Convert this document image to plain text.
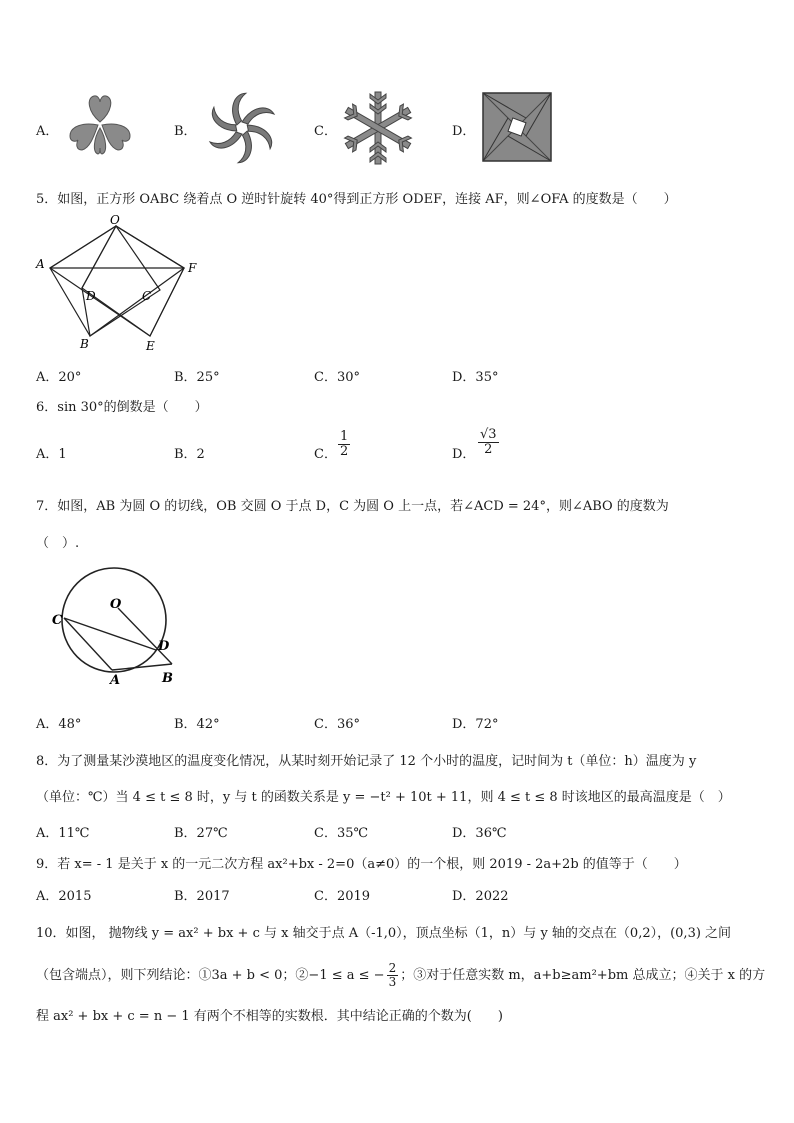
A．	B．	C．	D．
5．如图，正方形 OABC 绕着点 O 逆时针旋转 40°得到正方形 ODEF，连接 AF，则∠OFA 的度数是（　　）
O
A	F
D	C
B	E
A．20°	B．25°	C．30°	D．35°
6．sin 30°的倒数是（　　）
A．1	B．2	C． $\frac{1}{2}$	D． $\frac{√3}{2}$
7．如图，AB 为圆 O 的切线，OB 交圆 O 于点 D，C 为圆 O 上一点，若∠ACD = 24°，则∠ABO 的度数为
（　）.
O
C
D
A	B
A．48°	B．42°	C．36°	D．72°
8．为了测量某沙漠地区的温度变化情况，从某时刻开始记录了 12 个小时的温度，记时间为 t（单位：h）温度为 y
（单位：℃）当 4 ≤ t ≤ 8 时，y 与 t 的函数关系是 y = −t² + 10t + 11，则 4 ≤ t ≤ 8 时该地区的最高温度是（　）
A．11℃	B．27℃	C．35℃	D．36℃
9．若 x= - 1 是关于 x 的一元二次方程 ax²+bx - 2=0（a≠0）的一个根，则 2019 - 2a+2b 的值等于（　　）
A．2015	B．2017	C．2019	D．2022
10．如图， 抛物线 y = ax² + bx + c 与 x 轴交于点 A（-1,0），顶点坐标（1，n）与 y 轴的交点在（0,2），(0,3) 之间
（包含端点），则下列结论：①3a + b < 0；②−1 ≤ a ≤ − $\frac{2}{3}$ ；③对于任意实数 m，a+b≥am²+bm 总成立；④关于 x 的方
程 ax² + bx + c = n − 1 有两个不相等的实数根．其中结论正确的个数为(　　)
